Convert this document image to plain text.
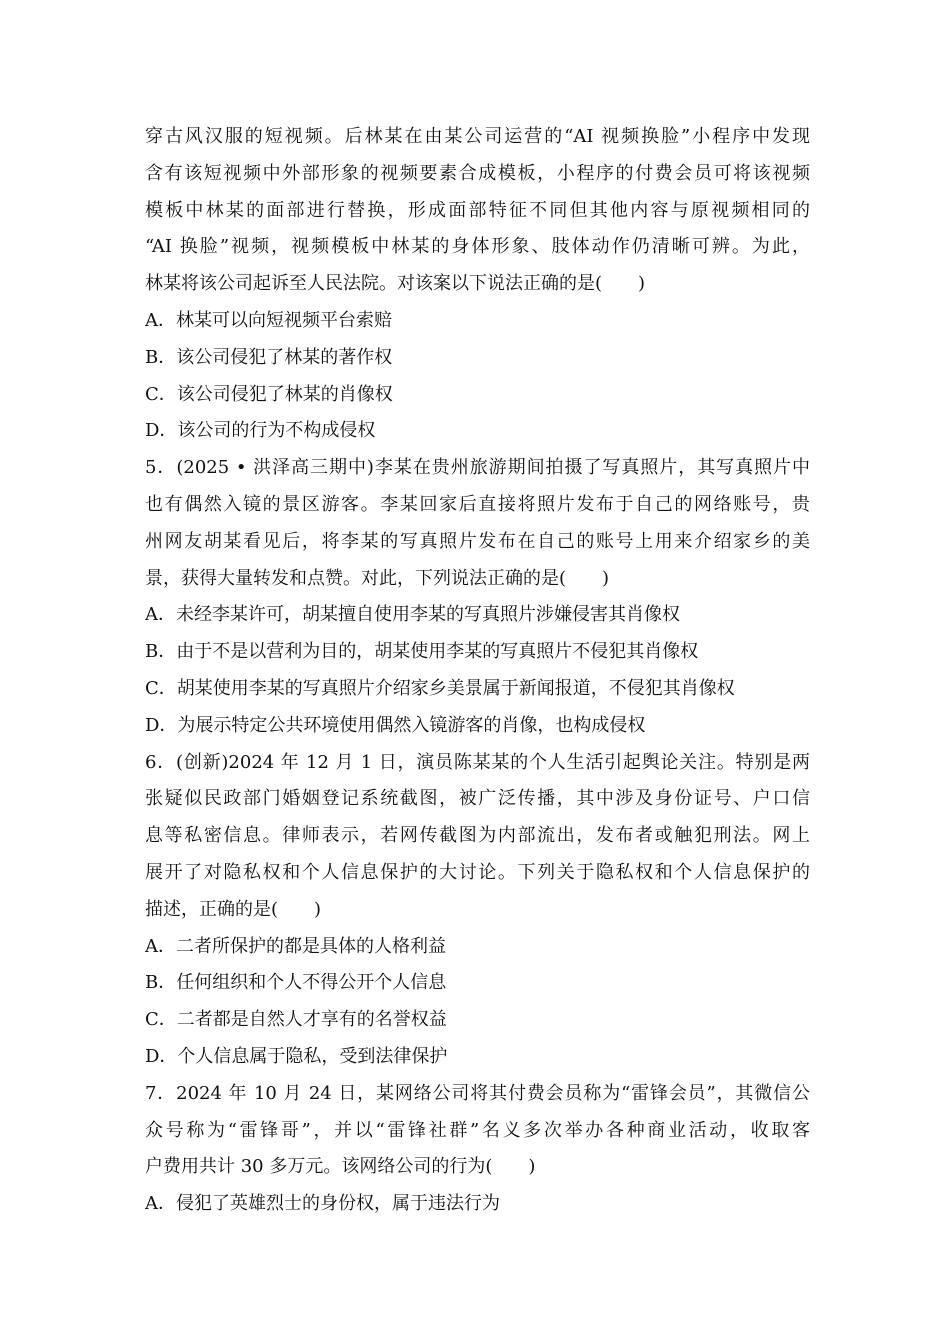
穿古风汉服的短视频。后林某在由某公司运营的“AI 视频换脸”小程序中发现
含有该短视频中外部形象的视频要素合成模板，小程序的付费会员可将该视频
模板中林某的面部进行替换，形成面部特征不同但其他内容与原视频相同的
“AI 换脸”视频，视频模板中林某的身体形象、肢体动作仍清晰可辨。为此，
林某将该公司起诉至人民法院。对该案以下说法正确的是(　　)
A．林某可以向短视频平台索赔
B．该公司侵犯了林某的著作权
C．该公司侵犯了林某的肖像权
D．该公司的行为不构成侵权
5．(2025 • 洪泽高三期中)李某在贵州旅游期间拍摄了写真照片，其写真照片中
也有偶然入镜的景区游客。李某回家后直接将照片发布于自己的网络账号，贵
州网友胡某看见后，将李某的写真照片发布在自己的账号上用来介绍家乡的美
景，获得大量转发和点赞。对此，下列说法正确的是(　　)
A．未经李某许可，胡某擅自使用李某的写真照片涉嫌侵害其肖像权
B．由于不是以营利为目的，胡某使用李某的写真照片不侵犯其肖像权
C．胡某使用李某的写真照片介绍家乡美景属于新闻报道，不侵犯其肖像权
D．为展示特定公共环境使用偶然入镜游客的肖像，也构成侵权
6．(创新)2024 年 12 月 1 日，演员陈某某的个人生活引起舆论关注。特别是两
张疑似民政部门婚姻登记系统截图，被广泛传播，其中涉及身份证号、户口信
息等私密信息。律师表示，若网传截图为内部流出，发布者或触犯刑法。网上
展开了对隐私权和个人信息保护的大讨论。下列关于隐私权和个人信息保护的
描述，正确的是(　　)
A．二者所保护的都是具体的人格利益
B．任何组织和个人不得公开个人信息
C．二者都是自然人才享有的名誉权益
D．个人信息属于隐私，受到法律保护
7．2024 年 10 月 24 日，某网络公司将其付费会员称为“雷锋会员”，其微信公
众号称为“雷锋哥”，并以“雷锋社群”名义多次举办各种商业活动，收取客
户费用共计 30 多万元。该网络公司的行为(　　)
A．侵犯了英雄烈士的身份权，属于违法行为
